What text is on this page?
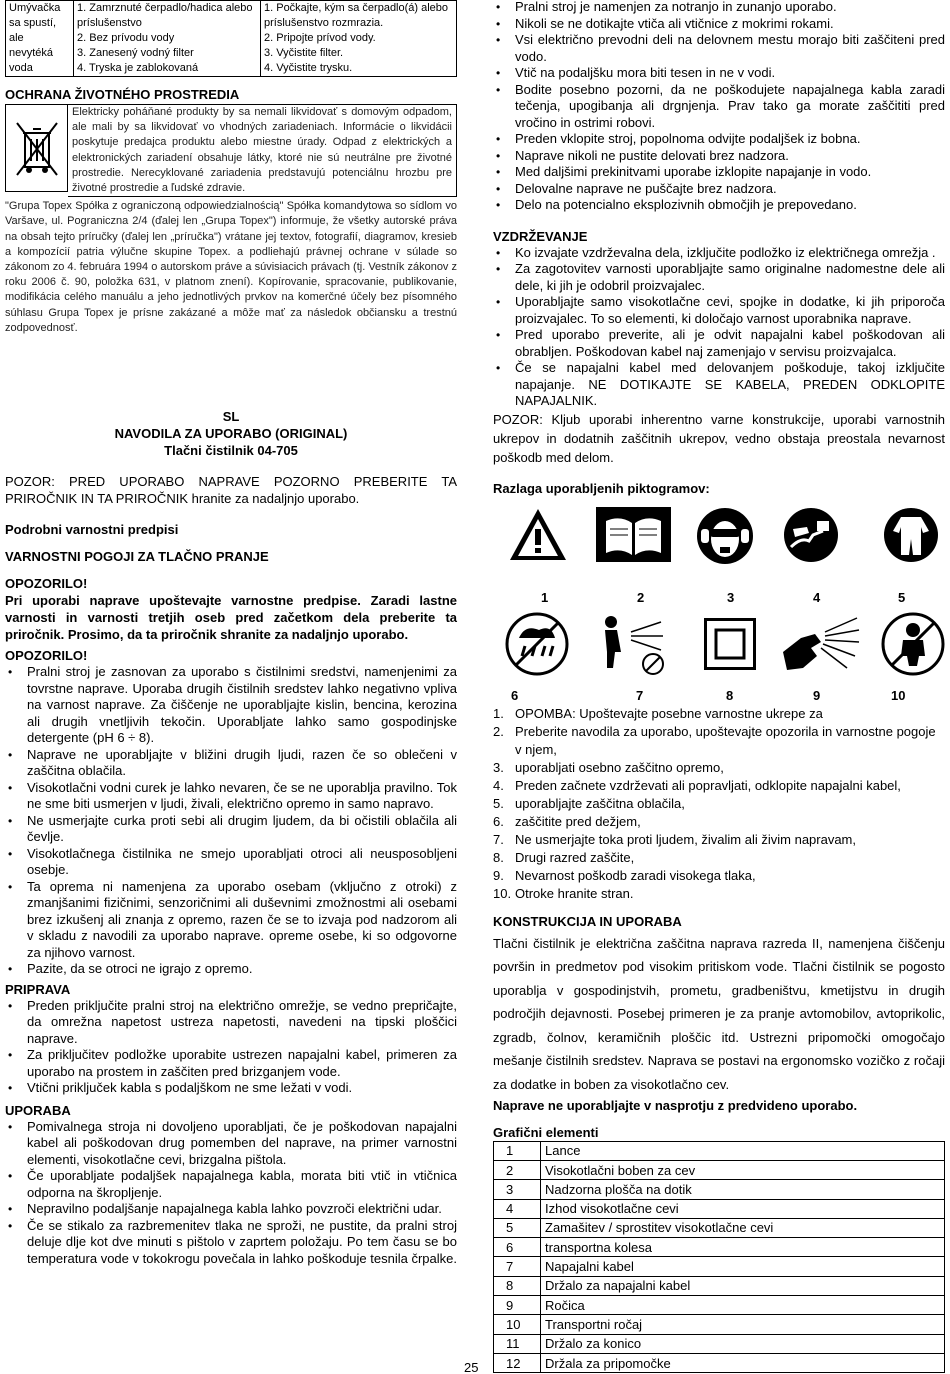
Umývačka sa spustí, ale nevytéká voda	1. Zamrznuté čerpadlo/hadica alebo príslušenstvo
2. Bez prívodu vody
3. Zanesený vodný filter
4. Tryska je zablokovaná	1. Počkajte, kým sa čerpadlo(á) alebo príslušenstvo rozmrazia.
2. Pripojte prívod vody.
3. Vyčistite filter.
4. Vyčistite trysku.
OCHRANA ŽIVOTNÉHO PROSTREDIA
Elektricky poháňané produkty by sa nemali likvidovať s domovým odpadom, ale mali by sa likvidovať vo vhodných zariadeniach. Informácie o likvidácii poskytuje predajca produktu alebo miestne úrady. Odpad z elektrických a elektronických zariadení obsahuje látky, ktoré nie sú neutrálne pre životné prostredie. Nerecyklované zariadenia predstavujú potenciálnu hrozbu pre životné prostredie a ľudské zdravie.
"Grupa Topex Spółka z ograniczoną odpowiedzialnością" Spółka komandytowa so sídlom vo Varšave, ul. Pograniczna 2/4 (ďalej len „Grupa Topex") informuje, že všetky autorské práva na obsah tejto príručky (ďalej len „príručka") vrátane jej textov, fotografií, diagramov, kresieb a kompozícií patria výlučne skupine Topex. a podliehajú právnej ochrane v súlade so zákonom zo 4. februára 1994 o autorskom práve a súvisiacich právach (tj. Vestník zákonov z roku 2006 č. 90, položka 631, v platnom znení). Kopírovanie, spracovanie, publikovanie, modifikácia celého manuálu a jeho jednotlivých prvkov na komerčné účely bez písomného súhlasu Grupa Topex je prísne zakázané a môže mať za následok občiansku a trestnú zodpovednosť.
SL
NAVODILA ZA UPORABO (ORIGINAL)
Tlačni čistilnik 04-705
POZOR: PRED UPORABO NAPRAVE POZORNO PREBERITE TA PRIROČNIK IN TA PRIROČNIK hranite za nadaljnjo uporabo.
Podrobni varnostni predpisi
VARNOSTNI POGOJI ZA TLAČNO PRANJE
OPOZORILO!
Pri uporabi naprave upoštevajte varnostne predpise. Zaradi lastne varnosti in varnosti tretjih oseb pred začetkom dela preberite ta priročnik. Prosimo, da ta priročnik shranite za nadaljnjo uporabo.
OPOZORILO!
• Pralni stroj je zasnovan za uporabo s čistilnimi sredstvi, namenjenimi za tovrstne naprave. Uporaba drugih čistilnih sredstev lahko negativno vpliva na varnost naprave. Za čiščenje ne uporabljajte kislin, bencina, kerozina ali drugih vnetljivih tekočin. Uporabljate lahko samo gospodinjske detergente (pH 6 ÷ 8).
• Naprave ne uporabljajte v bližini drugih ljudi, razen če so oblečeni v zaščitna oblačila.
• Visokotlačni vodni curek je lahko nevaren, če se ne uporablja pravilno. Tok ne sme biti usmerjen v ljudi, živali, električno opremo in samo napravo.
• Ne usmerjajte curka proti sebi ali drugim ljudem, da bi očistili oblačila ali čevlje.
• Visokotlačnega čistilnika ne smejo uporabljati otroci ali neusposobljeni osebje.
• Ta oprema ni namenjena za uporabo osebam (vključno z otroki) z zmanjšanimi fizičnimi, senzoričnimi ali duševnimi zmožnostmi ali osebami brez izkušenj ali znanja z opremo, razen če se to izvaja pod nadzorom ali v skladu z navodili za uporabo naprave. opreme osebe, ki so odgovorne za njihovo varnost.
• Pazite, da se otroci ne igrajo z opremo.
PRIPRAVA
• Preden priključite pralni stroj na električno omrežje, se vedno prepričajte, da omrežna napetost ustreza napetosti, navedeni na tipski ploščici naprave.
• Za priključitev podložke uporabite ustrezen napajalni kabel, primeren za uporabo na prostem in zaščiten pred brizganjem vode.
• Vtični priključek kabla s podaljškom ne sme ležati v vodi.
UPORABA
• Pomivalnega stroja ni dovoljeno uporabljati, če je poškodovan napajalni kabel ali poškodovan drug pomemben del naprave, na primer varnostni elementi, visokotlačne cevi, brizgalna pištola.
• Če uporabljate podaljšek napajalnega kabla, morata biti vtič in vtičnica odporna na škropljenje.
• Nepravilno podaljšanje napajalnega kabla lahko povzroči električni udar.
• Če se stikalo za razbremenitev tlaka ne sproži, ne pustite, da pralni stroj deluje dlje kot dve minuti s pištolo v zaprtem položaju. Po tem času se bo temperatura vode v tokokrogu povečala in lahko poškoduje tesnila črpalke.
• Pralni stroj je namenjen za notranjo in zunanjo uporabo.
• Nikoli se ne dotikajte vtiča ali vtičnice z mokrimi rokami.
• Vsi električno prevodni deli na delovnem mestu morajo biti zaščiteni pred vodo.
• Vtič na podaljšku mora biti tesen in ne v vodi.
• Bodite posebno pozorni, da ne poškodujete napajalnega kabla zaradi tečenja, upogibanja ali drgnjenja. Prav tako ga morate zaščititi pred vročino in ostrimi robovi.
• Preden vklopite stroj, popolnoma odvijte podaljšek iz bobna.
• Naprave nikoli ne pustite delovati brez nadzora.
• Med daljšimi prekinitvami uporabe izklopite napajanje in vodo.
• Delovalne naprave ne puščajte brez nadzora.
• Delo na potencialno eksplozivnih območjih je prepovedano.
VZDRŽEVANJE
• Ko izvajate vzdrževalna dela, izključite podložko iz električnega omrežja .
• Za zagotovitev varnosti uporabljajte samo originalne nadomestne dele ali dele, ki jih je odobril proizvajalec.
• Uporabljajte samo visokotlačne cevi, spojke in dodatke, ki jih priporoča proizvajalec. To so elementi, ki določajo varnost uporabnika naprave.
• Pred uporabo preverite, ali je odvit napajalni kabel poškodovan ali obrabljen. Poškodovan kabel naj zamenjajo v servisu proizvajalca.
• Če se napajalni kabel med delovanjem poškoduje, takoj izključite napajanje. NE DOTIKAJTE SE KABELA, PREDEN ODKLOPITE NAPAJALNIK.
POZOR: Kljub uporabi inherentno varne konstrukcije, uporabi varnostnih ukrepov in dodatnih zaščitnih ukrepov, vedno obstaja preostala nevarnost poškodb med delom.
Razlaga uporabljenih piktogramov:
1	2	3	4	5
6	7	8	9	10
1. OPOMBA: Upoštevajte posebne varnostne ukrepe za
2. Preberite navodila za uporabo, upoštevajte opozorila in varnostne pogoje v njem,
3. uporabljati osebno zaščitno opremo,
4. Preden začnete vzdrževati ali popravljati, odklopite napajalni kabel,
5. uporabljajte zaščitna oblačila,
6. zaščitite pred dežjem,
7. Ne usmerjajte toka proti ljudem, živalim ali živim napravam,
8. Drugi razred zaščite,
9. Nevarnost poškodb zaradi visokega tlaka,
10. Otroke hranite stran.
KONSTRUKCIJA IN UPORABA
Tlačni čistilnik je električna zaščitna naprava razreda II, namenjena čiščenju površin in predmetov pod visokim pritiskom vode. Tlačni čistilnik se pogosto uporablja v gospodinjstvih, prometu, gradbeništvu, kmetijstvu in drugih področjih dejavnosti. Posebej primeren je za pranje avtomobilov, avtoprikolic, zgradb, čolnov, keramičnih ploščic itd. Ustrezni pripomočki omogočajo mešanje čistilnih sredstev. Naprava se postavi na ergonomsko vozičko z ročaji za dodatke in boben za visokotlačno cev.
Naprave ne uporabljajte v nasprotju z predvideno uporabo.
Grafični elementi
1	Lance
2	Visokotlačni boben za cev
3	Nadzorna plošča na dotik
4	Izhod visokotlačne cevi
5	Zamašitev / sprostitev visokotlačne cevi
6	transportna kolesa
7	Napajalni kabel
8	Držalo za napajalni kabel
9	Ročica
10	Transportni ročaj
11	Držalo za konico
12	Držala za pripomočke
25
